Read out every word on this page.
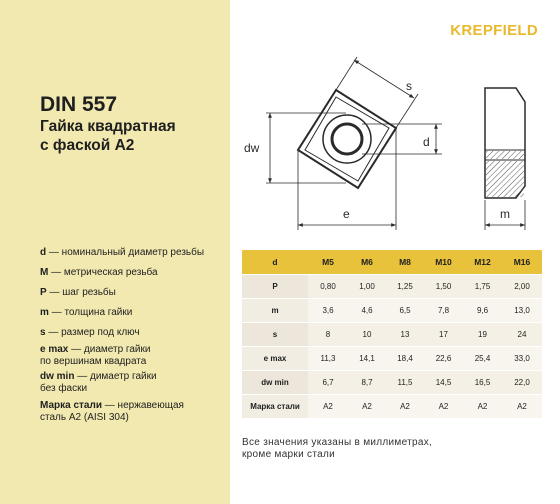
DIN 557
Гайка квадратная
с фаской А2
d — номинальный диаметр резьбы
M — метрическая резьба
P — шаг резьбы
m — толщина гайки
s — размер под ключ
e max — диаметр гайки
по вершинам квадрата
dw min — димаетр гайки
без фаски
Марка стали — нержавеющая
сталь А2 (AISI 304)
KREPFIELD
s
dw	d
e	m
d	M5	M6	M8	M10	M12	M16
P	0,80	1,00	1,25	1,50	1,75	2,00
m	3,6	4,6	6,5	7,8	9,6	13,0
s	8	10	13	17	19	24
e max	11,3	14,1	18,4	22,6	25,4	33,0
dw min	6,7	8,7	11,5	14,5	16,5	22,0
Марка стали	А2	А2	А2	А2	А2	А2
Все значения указаны в миллиметрах,
кроме марки стали
